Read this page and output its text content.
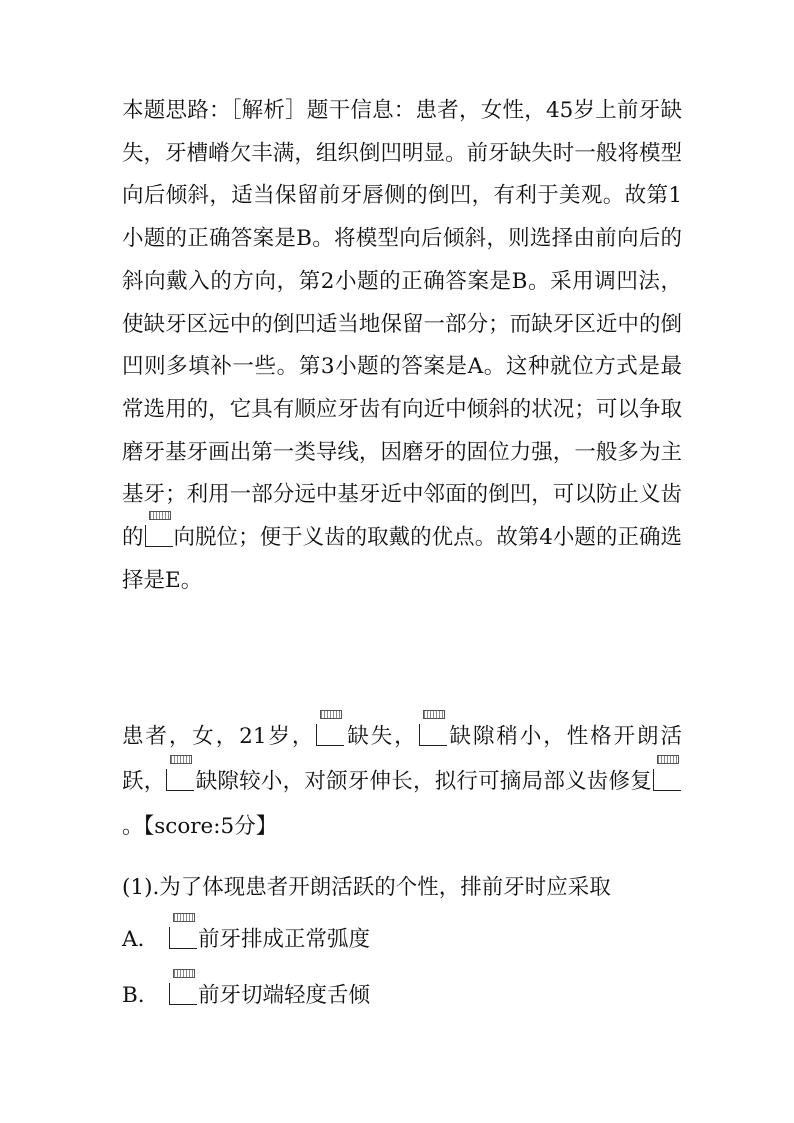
本题思路：［解析］题干信息：患者，女性，45岁上前牙缺失，牙槽嵴欠丰满，组织倒凹明显。前牙缺失时一般将模型向后倾斜，适当保留前牙唇侧的倒凹，有利于美观。故第1小题的正确答案是B。将模型向后倾斜，则选择由前向后的斜向戴入的方向，第2小题的正确答案是B。采用调凹法，使缺牙区远中的倒凹适当地保留一部分；而缺牙区近中的倒凹则多填补一些。第3小题的答案是A。这种就位方式是最常选用的，它具有顺应牙齿有向近中倾斜的状况；可以争取磨牙基牙画出第一类导线，因磨牙的固位力强，一般多为主基牙；利用一部分远中基牙近中邻面的倒凹，可以防止义齿的 向脱位；便于义齿的取戴的优点。故第4小题的正确选择是E。
患者，女，21岁， 缺失， 缺隙稍小，性格开朗活跃， 缺隙较小，对颌牙伸长，拟行可摘局部义齿修复。【score:5分】
(1).为了体现患者开朗活跃的个性，排前牙时应采取
A. 前牙排成正常弧度
B. 前牙切端轻度舌倾
